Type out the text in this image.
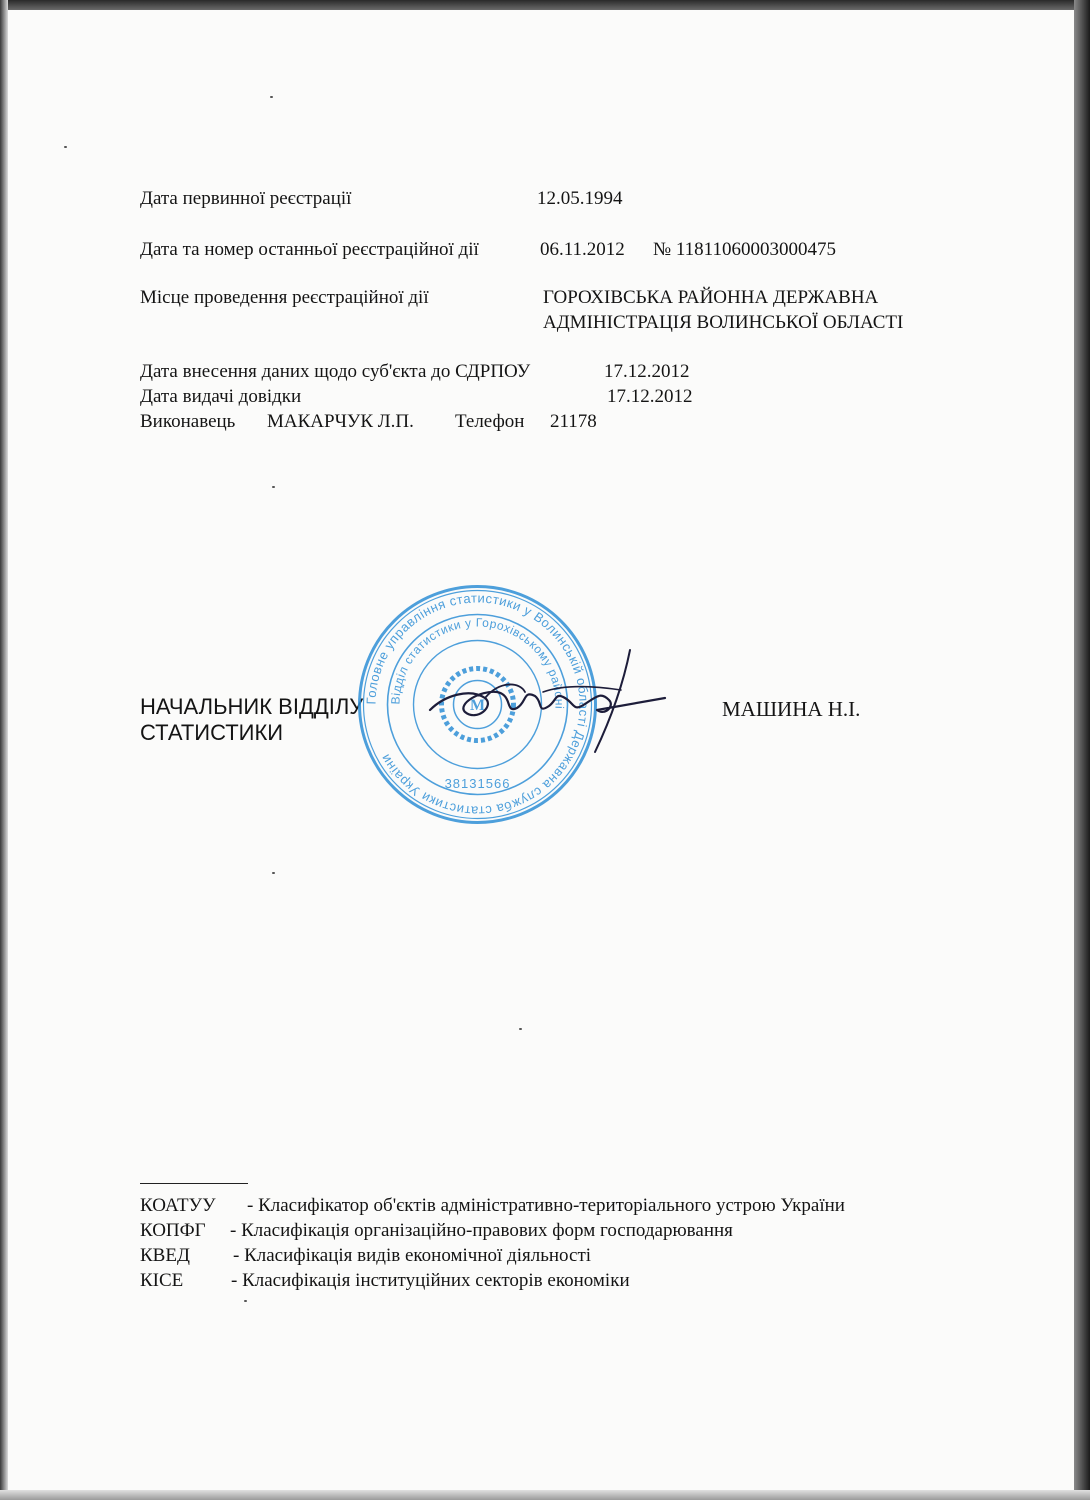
Дата первинної реєстрації	12.05.1994
Дата та номер останньої реєстраційної дії	06.11.2012 № 11811060003000475
Місце проведення реєстраційної дії	ГОРОХІВСЬКА РАЙОННА ДЕРЖАВНА
АДМІНІСТРАЦІЯ ВОЛИНСЬКОЇ ОБЛАСТІ
Дата внесення даних щодо суб'єкта до СДРПОУ	17.12.2012
Дата видачі довідки	17.12.2012
Виконавець МАКАРЧУК Л.П. Телефон 21178
НАЧАЛЬНИК ВІДДІЛУ
СТАТИСТИКИ
МАШИНА Н.І.
Головне управління статистики у Волинській області Державна служба статистики України
Відділ статистики у Горохівському районі
М
38131566
КОАТУУ - Класифікатор об'єктів адміністративно-територіального устрою України
КОПФГ - Класифікація організаційно-правових форм господарювання
КВЕД - Класифікація видів економічної діяльності
КІСЕ	- Класифікація інституційних секторів економіки
